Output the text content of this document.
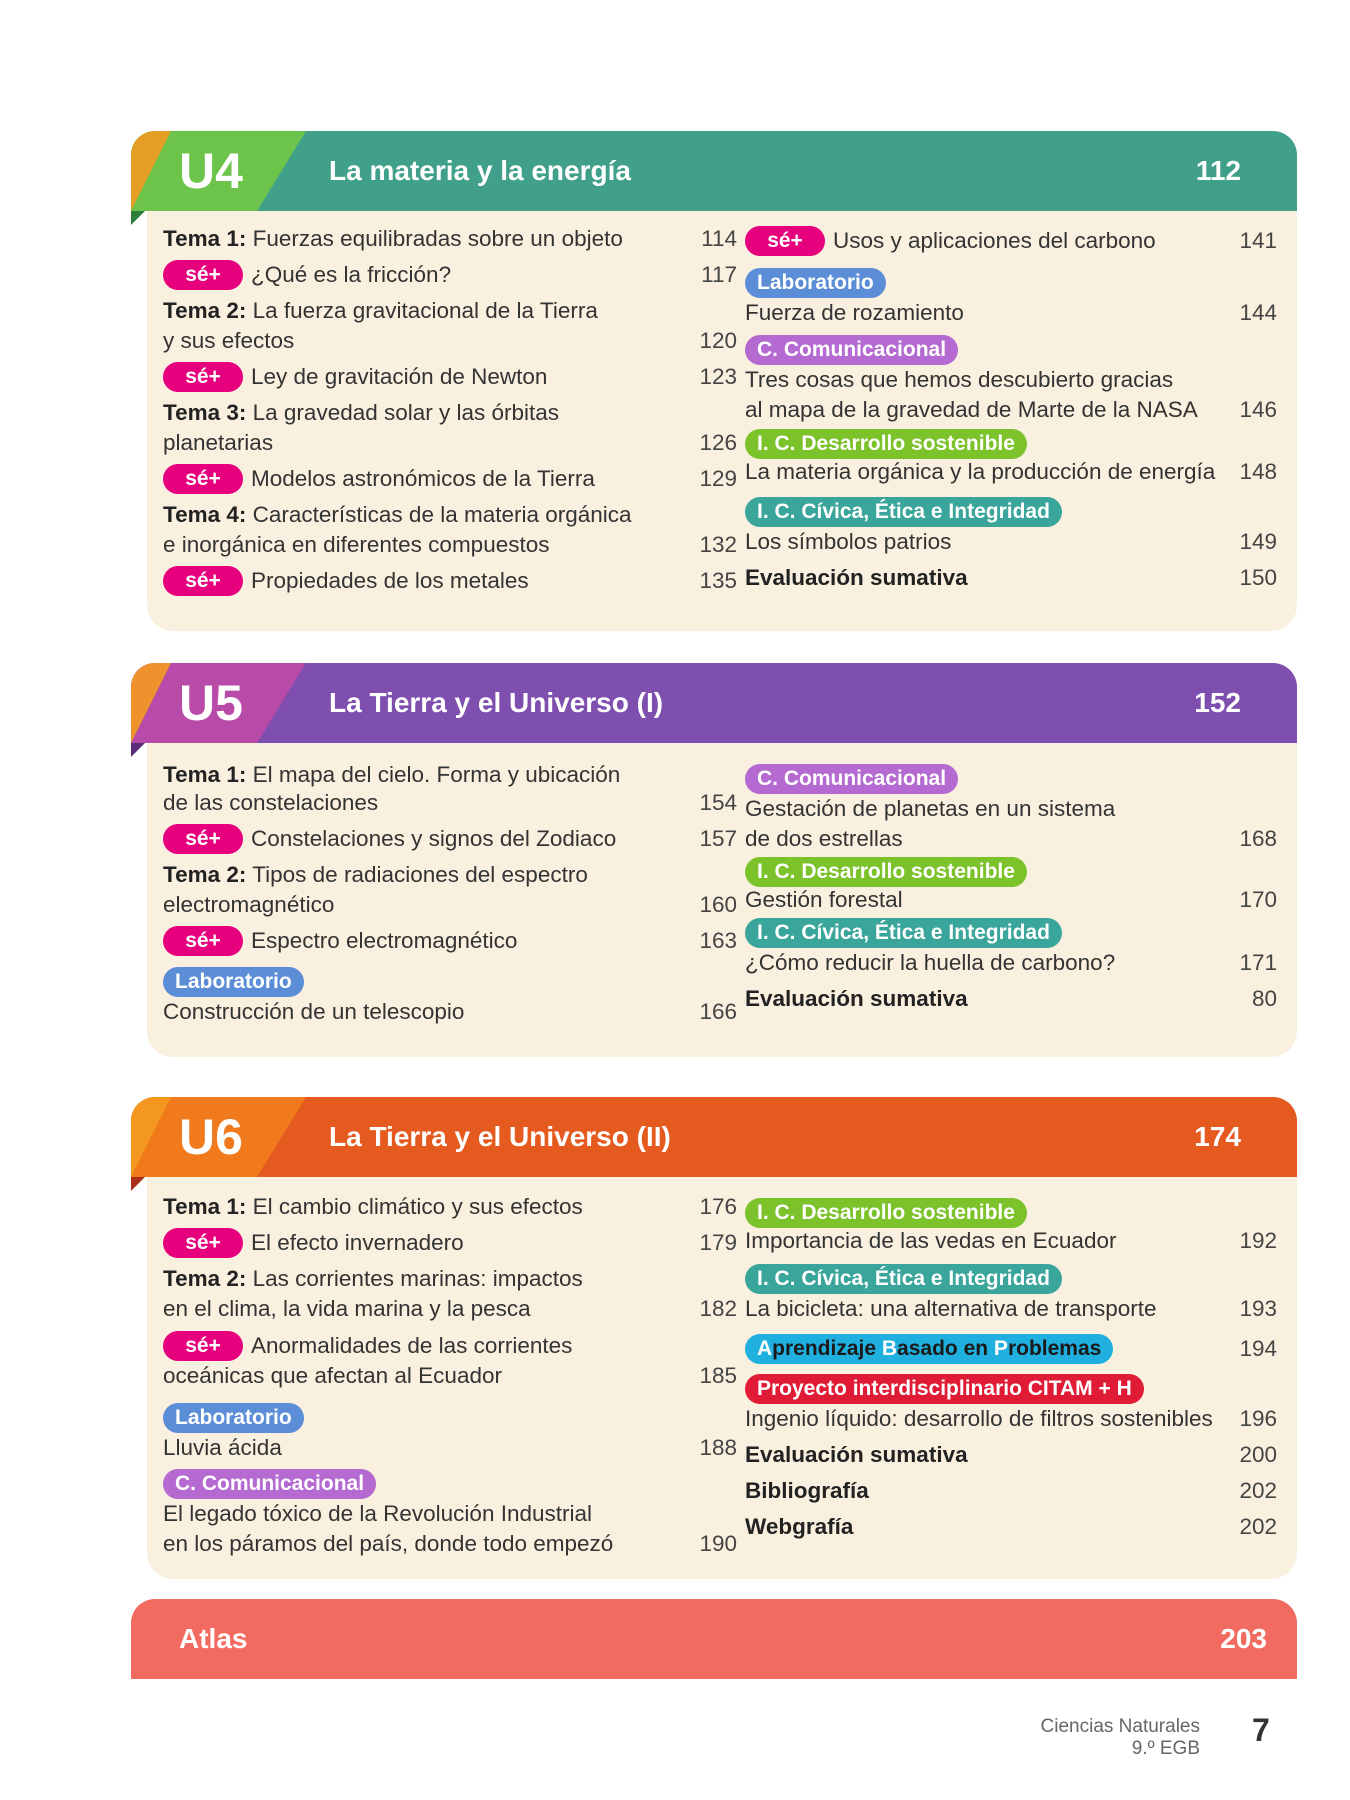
U4	La materia y la energía	112
Tema 1: Fuerzas equilibradas sobre un objeto	114
sé+	¿Qué es la fricción?	117
Tema 2: La fuerza gravitacional de la Tierra
y sus efectos	120
sé+	Ley de gravitación de Newton	123
Tema 3: La gravedad solar y las órbitas
planetarias	126
sé+	Modelos astronómicos de la Tierra	129
Tema 4: Características de la materia orgánica
e inorgánica en diferentes compuestos	132
sé+	Propiedades de los metales	135
sé+	Usos y aplicaciones del carbono	141
Laboratorio
Fuerza de rozamiento	144
C. Comunicacional
Tres cosas que hemos descubierto gracias
al mapa de la gravedad de Marte de la NASA	146
I. C. Desarrollo sostenible
La materia orgánica y la producción de energía	148
I. C. Cívica, Ética e Integridad
Los símbolos patrios	149
Evaluación sumativa	150
U5	La Tierra y el Universo (I)	152
Tema 1: El mapa del cielo. Forma y ubicación
de las constelaciones	154
sé+	Constelaciones y signos del Zodiaco	157
Tema 2: Tipos de radiaciones del espectro
electromagnético	160
sé+	Espectro electromagnético	163
Laboratorio
Construcción de un telescopio	166
C. Comunicacional
Gestación de planetas en un sistema
de dos estrellas	168
I. C. Desarrollo sostenible
Gestión forestal	170
I. C. Cívica, Ética e Integridad
¿Cómo reducir la huella de carbono?	171
Evaluación sumativa	80
U6	La Tierra y el Universo (II)	174
Tema 1: El cambio climático y sus efectos	176
sé+	El efecto invernadero	179
Tema 2: Las corrientes marinas: impactos
en el clima, la vida marina y la pesca	182
sé+	Anormalidades de las corrientes
oceánicas que afectan al Ecuador	185
Laboratorio
Lluvia ácida	188
C. Comunicacional
El legado tóxico de la Revolución Industrial
en los páramos del país, donde todo empezó	190
I. C. Desarrollo sostenible
Importancia de las vedas en Ecuador	192
I. C. Cívica, Ética e Integridad
La bicicleta: una alternativa de transporte	193
Aprendizaje Basado en Problemas	194
Proyecto interdisciplinario CITAM + H
Ingenio líquido: desarrollo de filtros sostenibles	196
Evaluación sumativa	200
Bibliografía	202
Webgrafía	202
Atlas	203
Ciencias Naturales
9.º EGB
7
